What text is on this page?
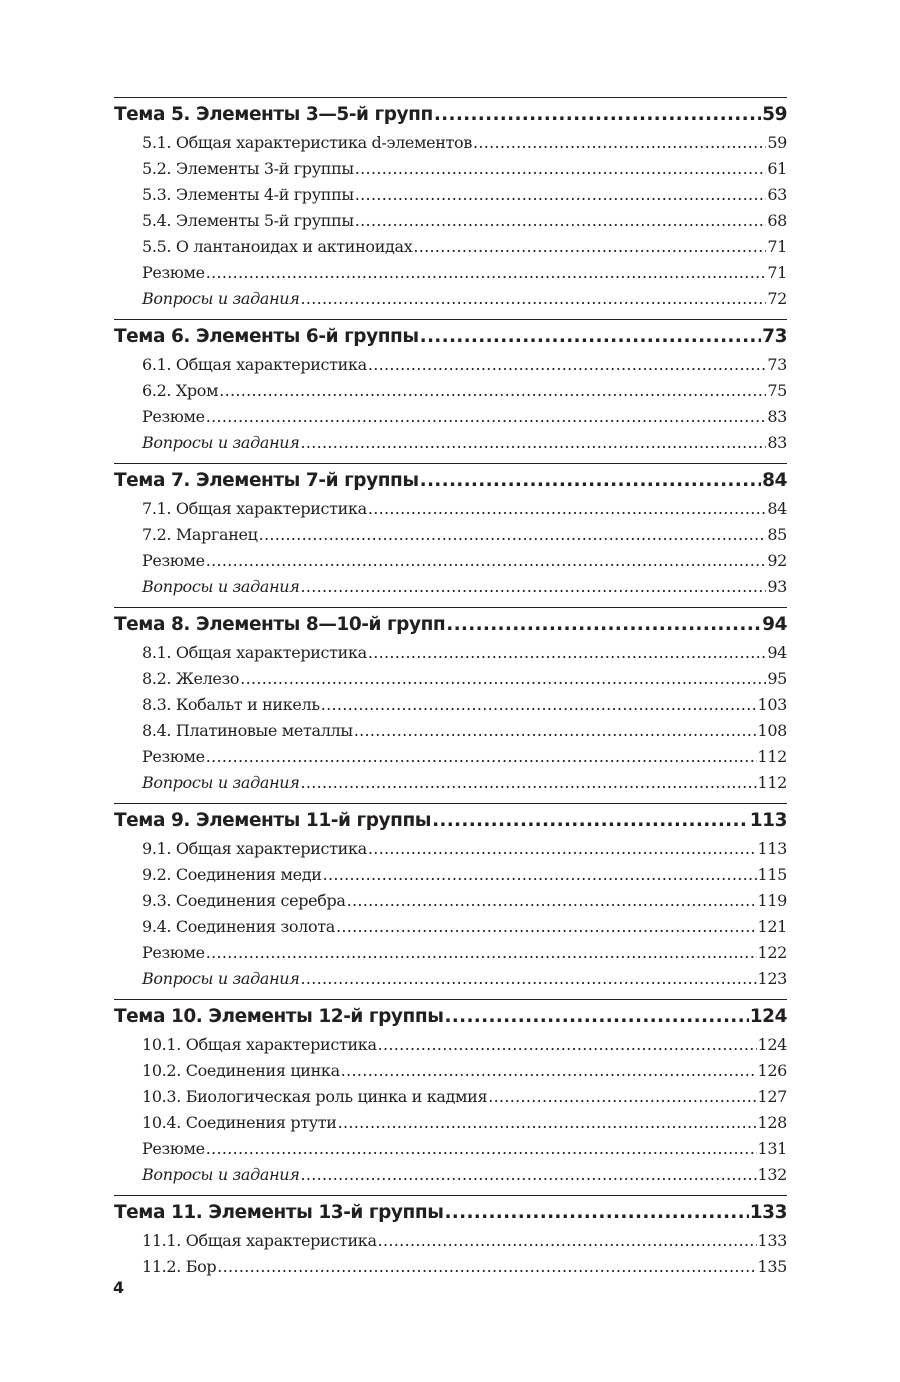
Тема 5. Элементы 3—5-й групп .....	59
5.1. Общая характеристика d-элементов .....	59
5.2. Элементы 3-й группы .....	61
5.3. Элементы 4-й группы .....	63
5.4. Элементы 5-й группы .....	68
5.5. О лантаноидах и актиноидах .....	71
Резюме .....	71
Вопросы и задания .....	72
Тема 6. Элементы 6-й группы .....	73
6.1. Общая характеристика .....	73
6.2. Хром .....	75
Резюме .....	83
Вопросы и задания .....	83
Тема 7. Элементы 7-й группы .....	84
7.1. Общая характеристика .....	84
7.2. Марганец .....	85
Резюме .....	92
Вопросы и задания .....	93
Тема 8. Элементы 8—10-й групп .....	94
8.1. Общая характеристика .....	94
8.2. Железо .....	95
8.3. Кобальт и никель .....	103
8.4. Платиновые металлы .....	108
Резюме .....	112
Вопросы и задания .....	112
Тема 9. Элементы 11-й группы .....	113
9.1. Общая характеристика .....	113
9.2. Соединения меди .....	115
9.3. Соединения серебра .....	119
9.4. Соединения золота .....	121
Резюме .....	122
Вопросы и задания .....	123
Тема 10. Элементы 12-й группы .....	124
10.1. Общая характеристика .....	124
10.2. Соединения цинка .....	126
10.3. Биологическая роль цинка и кадмия .....	127
10.4. Соединения ртути .....	128
Резюме .....	131
Вопросы и задания .....	132
Тема 11. Элементы 13-й группы .....	133
11.1. Общая характеристика .....	133
11.2. Бор .....	135
4
